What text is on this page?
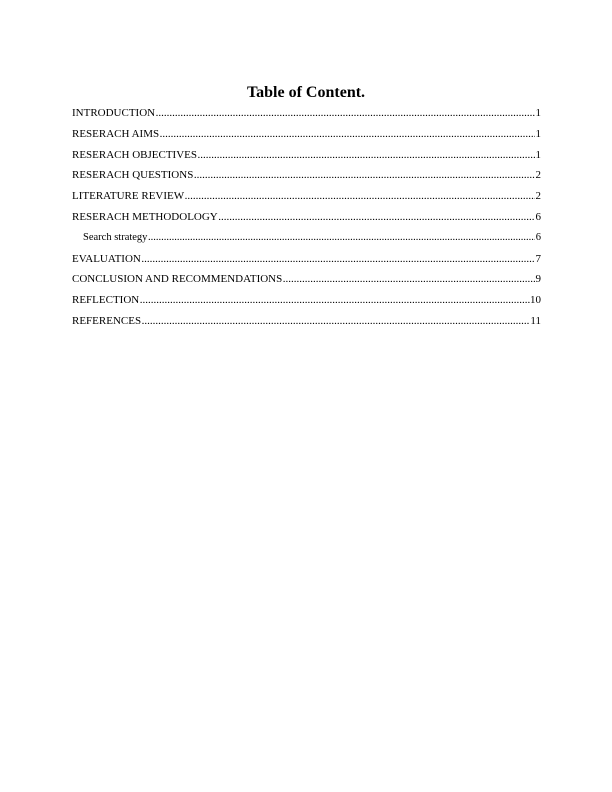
Table of Content.
INTRODUCTION .....	1
RESERACH AIMS .....	1
RESERACH OBJECTIVES .....	1
RESERACH QUESTIONS .....	2
LITERATURE REVIEW .....	2
RESERACH METHODOLOGY .....	6
Search strategy .....	6
EVALUATION .....	7
CONCLUSION AND RECOMMENDATIONS .....	9
REFLECTION .....	10
REFERENCES .....	11
